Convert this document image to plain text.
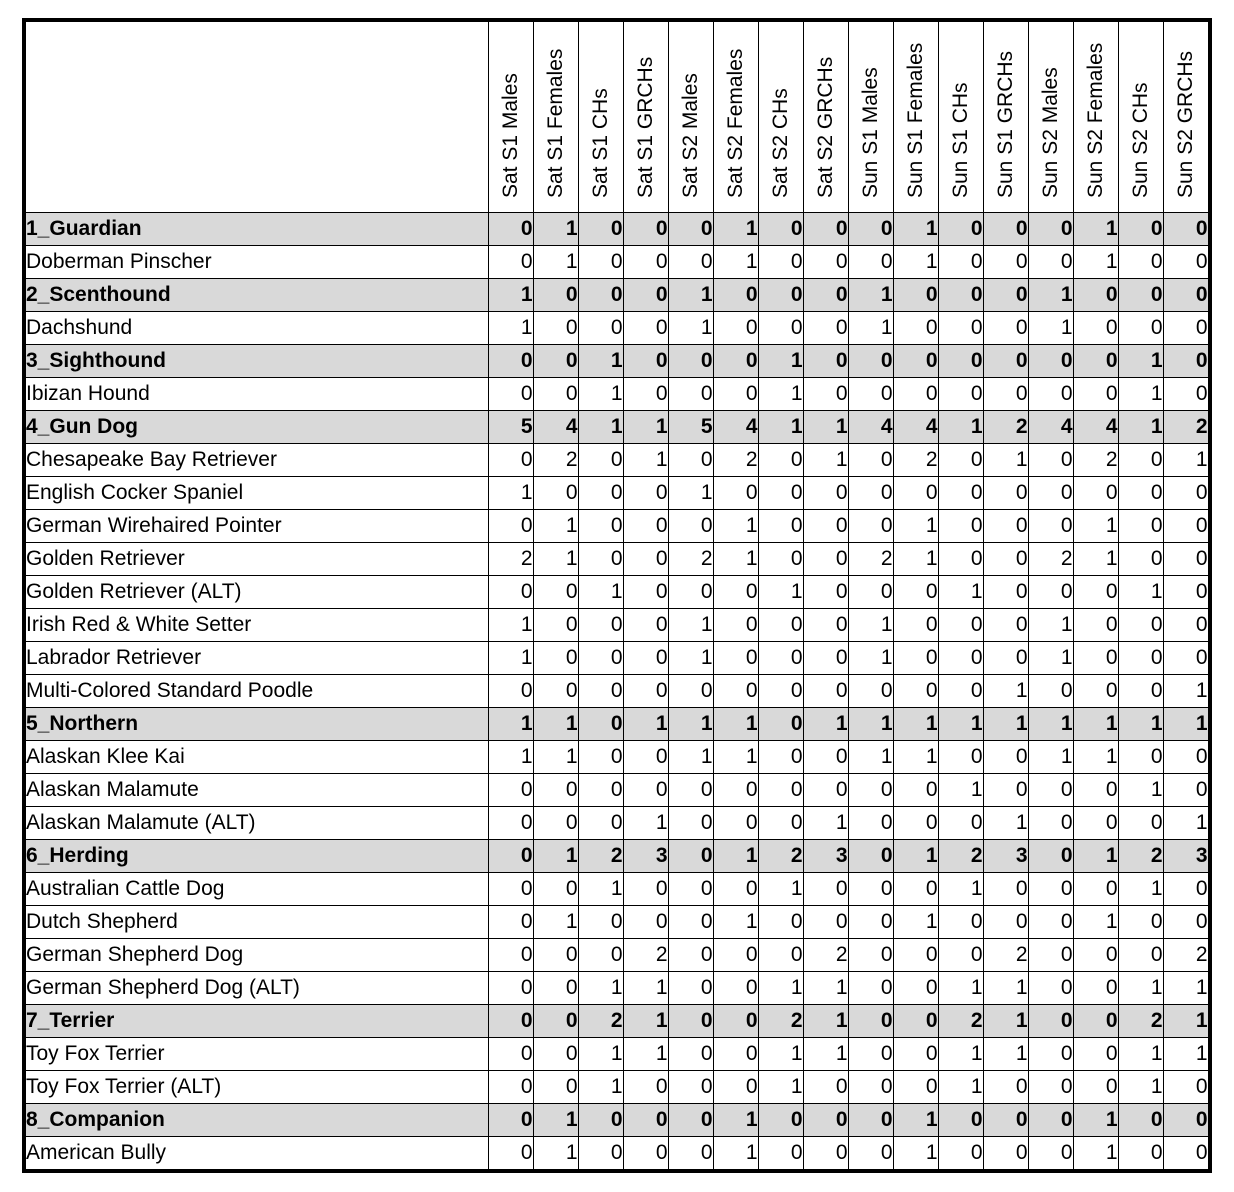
	Sat S1 Males	Sat S1 Females	Sat S1 CHs	Sat S1 GRCHs	Sat S2 Males	Sat S2 Females	Sat S2 CHs	Sat S2 GRCHs	Sun S1 Males	Sun S1 Females	Sun S1 CHs	Sun S1 GRCHs	Sun S2 Males	Sun S2 Females	Sun S2 CHs	Sun S2 GRCHs
1_Guardian	0	1	0	0	0	1	0	0	0	1	0	0	0	1	0	0
Doberman Pinscher	0	1	0	0	0	1	0	0	0	1	0	0	0	1	0	0
2_Scenthound	1	0	0	0	1	0	0	0	1	0	0	0	1	0	0	0
Dachshund	1	0	0	0	1	0	0	0	1	0	0	0	1	0	0	0
3_Sighthound	0	0	1	0	0	0	1	0	0	0	0	0	0	0	1	0
Ibizan Hound	0	0	1	0	0	0	1	0	0	0	0	0	0	0	1	0
4_Gun Dog	5	4	1	1	5	4	1	1	4	4	1	2	4	4	1	2
Chesapeake Bay Retriever	0	2	0	1	0	2	0	1	0	2	0	1	0	2	0	1
English Cocker Spaniel	1	0	0	0	1	0	0	0	0	0	0	0	0	0	0	0
German Wirehaired Pointer	0	1	0	0	0	1	0	0	0	1	0	0	0	1	0	0
Golden Retriever	2	1	0	0	2	1	0	0	2	1	0	0	2	1	0	0
Golden Retriever (ALT)	0	0	1	0	0	0	1	0	0	0	1	0	0	0	1	0
Irish Red & White Setter	1	0	0	0	1	0	0	0	1	0	0	0	1	0	0	0
Labrador Retriever	1	0	0	0	1	0	0	0	1	0	0	0	1	0	0	0
Multi-Colored Standard Poodle	0	0	0	0	0	0	0	0	0	0	0	1	0	0	0	1
5_Northern	1	1	0	1	1	1	0	1	1	1	1	1	1	1	1	1
Alaskan Klee Kai	1	1	0	0	1	1	0	0	1	1	0	0	1	1	0	0
Alaskan Malamute	0	0	0	0	0	0	0	0	0	0	1	0	0	0	1	0
Alaskan Malamute (ALT)	0	0	0	1	0	0	0	1	0	0	0	1	0	0	0	1
6_Herding	0	1	2	3	0	1	2	3	0	1	2	3	0	1	2	3
Australian Cattle Dog	0	0	1	0	0	0	1	0	0	0	1	0	0	0	1	0
Dutch Shepherd	0	1	0	0	0	1	0	0	0	1	0	0	0	1	0	0
German Shepherd Dog	0	0	0	2	0	0	0	2	0	0	0	2	0	0	0	2
German Shepherd Dog (ALT)	0	0	1	1	0	0	1	1	0	0	1	1	0	0	1	1
7_Terrier	0	0	2	1	0	0	2	1	0	0	2	1	0	0	2	1
Toy Fox Terrier	0	0	1	1	0	0	1	1	0	0	1	1	0	0	1	1
Toy Fox Terrier (ALT)	0	0	1	0	0	0	1	0	0	0	1	0	0	0	1	0
8_Companion	0	1	0	0	0	1	0	0	0	1	0	0	0	1	0	0
American Bully	0	1	0	0	0	1	0	0	0	1	0	0	0	1	0	0
